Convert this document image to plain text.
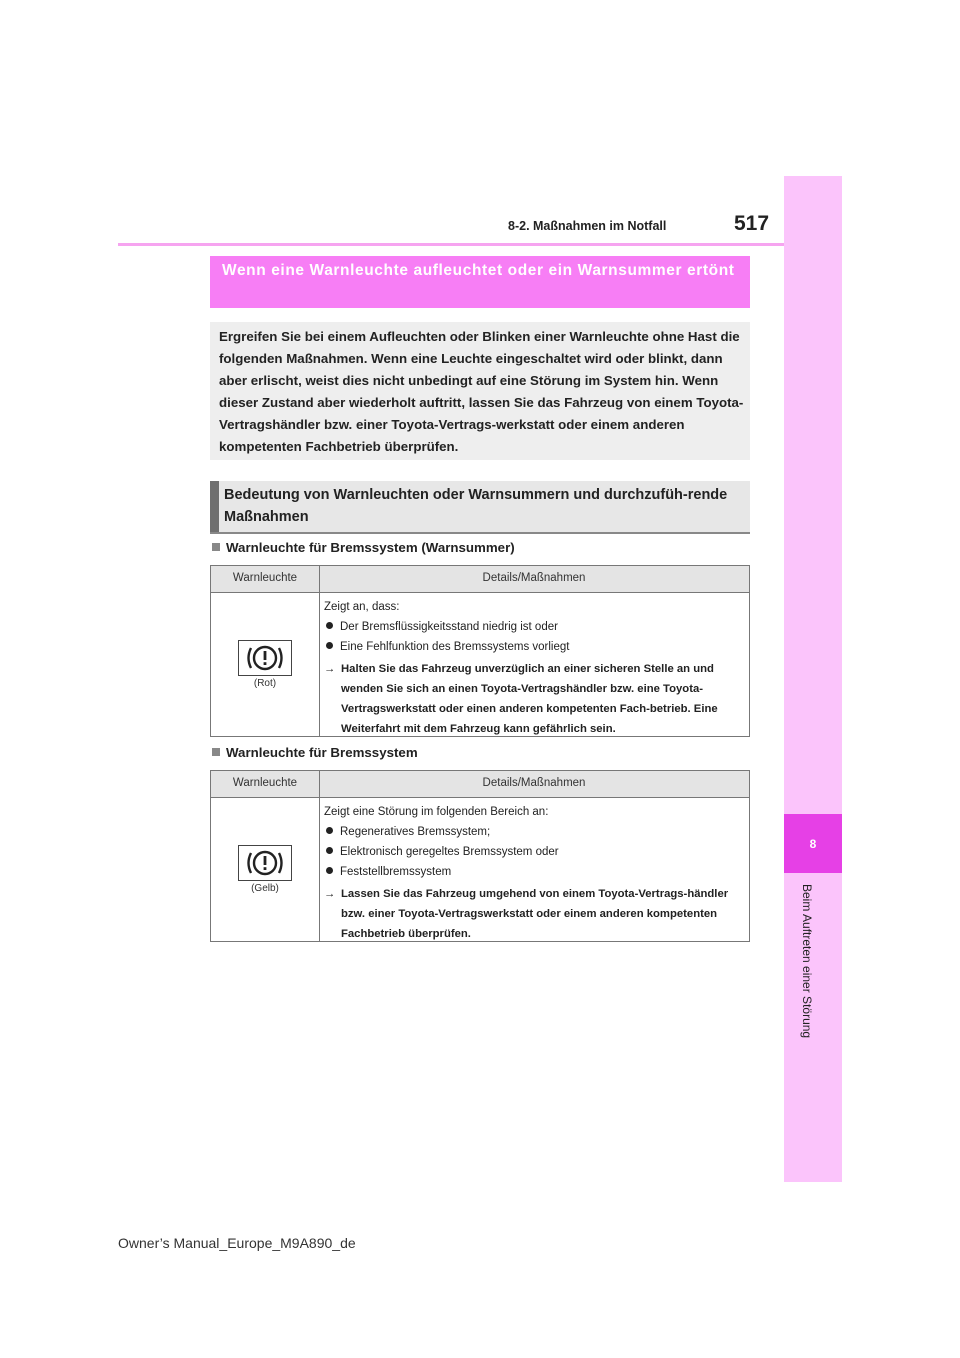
8-2. Maßnahmen im Notfall	517
8
Beim Auftreten einer Störung
Wenn eine Warnleuchte aufleuchtet oder ein Warnsummer ertönt
Ergreifen Sie bei einem Aufleuchten oder Blinken einer Warnleuchte ohne Hast die folgenden Maßnahmen. Wenn eine Leuchte eingeschaltet wird oder blinkt, dann aber erlischt, weist dies nicht unbedingt auf eine Störung im System hin. Wenn dieser Zustand aber wiederholt auftritt, lassen Sie das Fahrzeug von einem Toyota-Vertragshändler bzw. einer Toyota-Vertrags-werkstatt oder einem anderen kompetenten Fachbetrieb überprüfen.
Bedeutung von Warnleuchten oder Warnsummern und durchzufüh-rende Maßnahmen
Warnleuchte für Bremssystem (Warnsummer)
Warnleuchte	Details/Maßnahmen
(Rot)
Zeigt an, dass:
Der Bremsflüssigkeitsstand niedrig ist oder
Eine Fehlfunktion des Bremssystems vorliegt
→ Halten Sie das Fahrzeug unverzüglich an einer sicheren Stelle an und wenden Sie sich an einen Toyota-Vertragshändler bzw. eine Toyota-Vertragswerkstatt oder einen anderen kompetenten Fach-betrieb. Eine Weiterfahrt mit dem Fahrzeug kann gefährlich sein.
Warnleuchte für Bremssystem
Warnleuchte	Details/Maßnahmen
(Gelb)
Zeigt eine Störung im folgenden Bereich an:
Regeneratives Bremssystem;
Elektronisch geregeltes Bremssystem oder
Feststellbremssystem
→ Lassen Sie das Fahrzeug umgehend von einem Toyota-Vertrags-händler bzw. einer Toyota-Vertragswerkstatt oder einem anderen kompetenten Fachbetrieb überprüfen.
Owner’s Manual_Europe_M9A890_de
